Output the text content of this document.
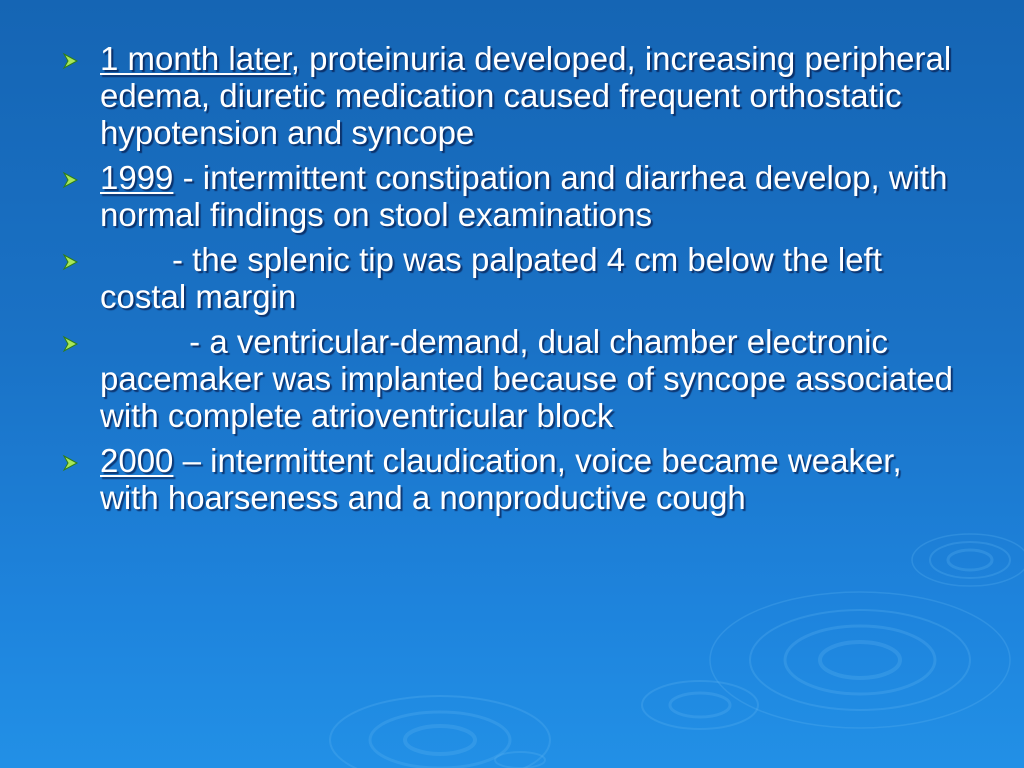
1 month later, proteinuria developed, increasing peripheral edema, diuretic medication caused frequent orthostatic hypotension and syncope
1999 - intermittent constipation and diarrhea develop, with normal findings on stool examinations
- the splenic tip was palpated 4 cm below the left costal margin
- a ventricular-demand, dual chamber electronic pacemaker was implanted because of syncope associated with complete atrioventricular block
2000 – intermittent claudication, voice became weaker, with hoarseness and a nonproductive cough
